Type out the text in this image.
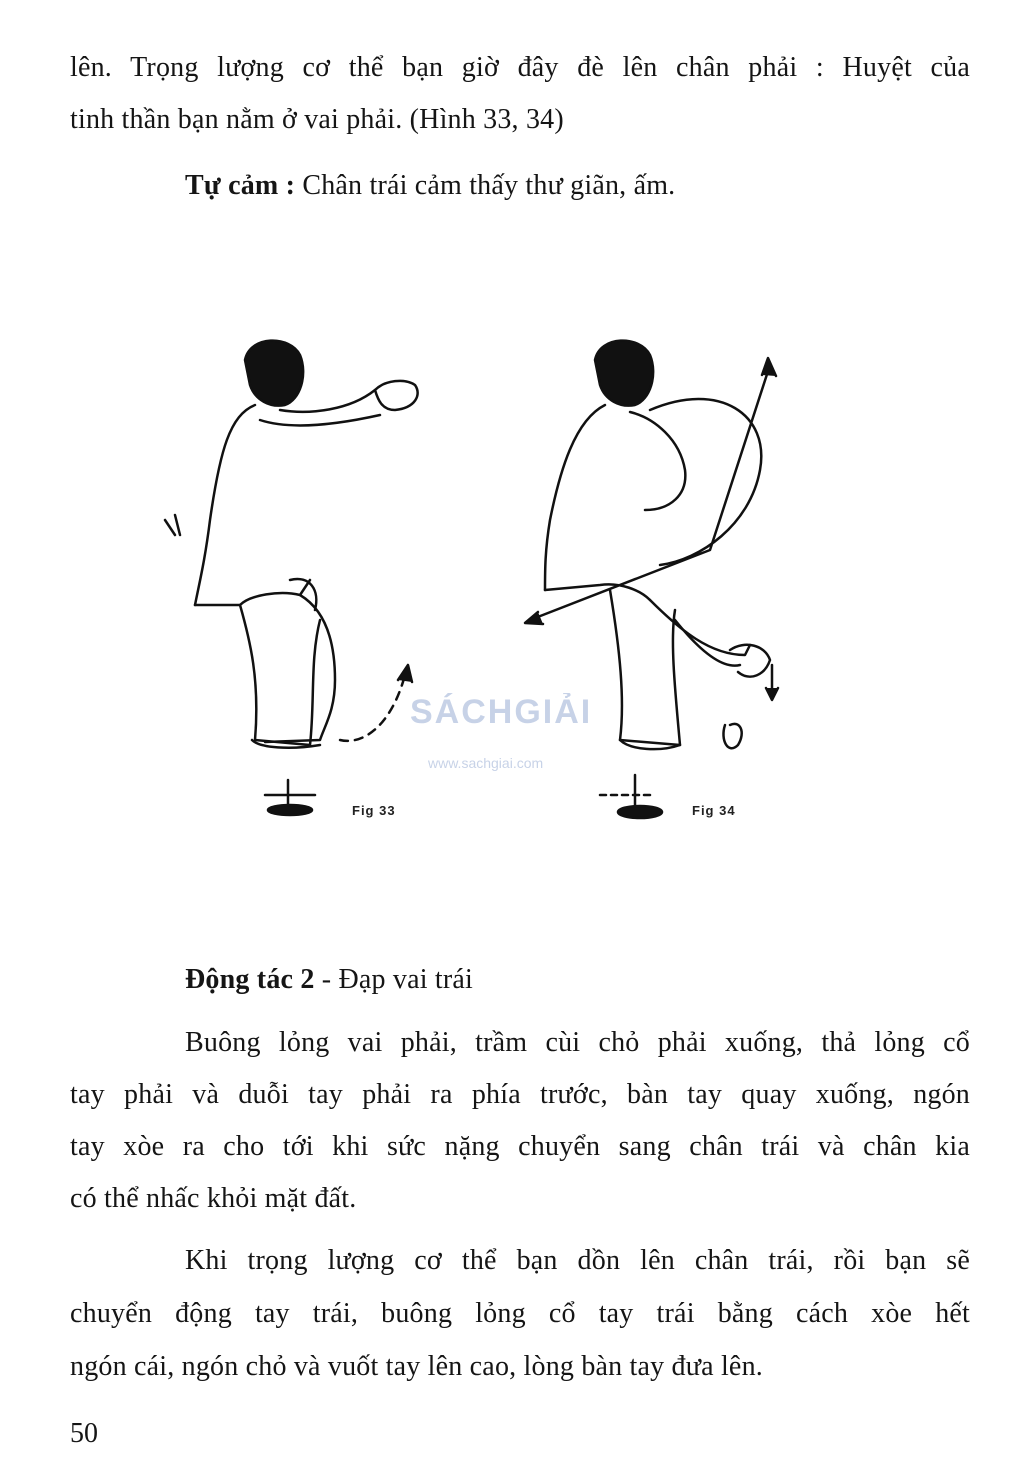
lên. Trọng lượng cơ thể bạn giờ đây đè lên chân phải : Huyệt của
tinh thần bạn nằm ở vai phải. (Hình 33, 34)
Tự cảm : Chân trái cảm thấy thư giãn, ấm.
Fig 33	Fig 34
SÁCHGIẢI
www.sachgiai.com
Động tác 2 - Đạp vai trái
Buông lỏng vai phải, trầm cùi chỏ phải xuống, thả lỏng cổ
tay phải và duỗi tay phải ra phía trước, bàn tay quay xuống, ngón
tay xòe ra cho tới khi sức nặng chuyển sang chân trái và chân kia
có thể nhấc khỏi mặt đất.
Khi trọng lượng cơ thể bạn dồn lên chân trái, rồi bạn sẽ
chuyển động tay trái, buông lỏng cổ tay trái bằng cách xòe hết
ngón cái, ngón chỏ và vuốt tay lên cao, lòng bàn tay đưa lên.
50
